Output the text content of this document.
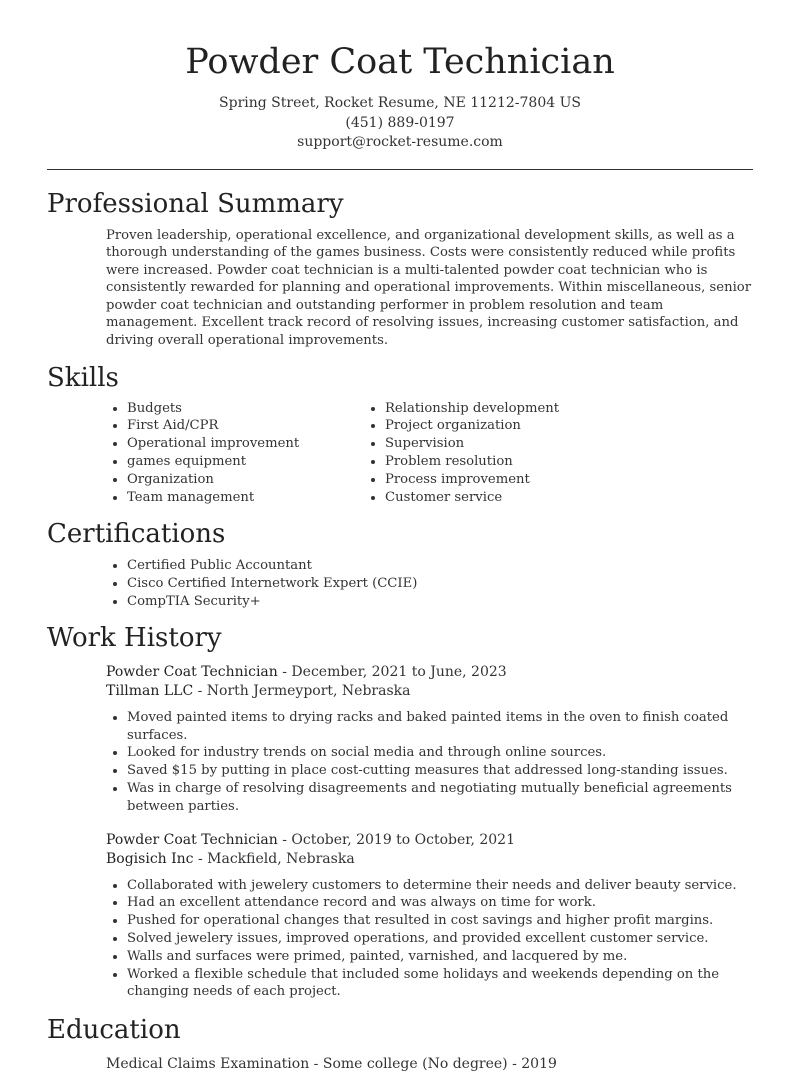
Powder Coat Technician
Spring Street, Rocket Resume, NE 11212-7804 US
(451) 889-0197
support@rocket-resume.com
Professional Summary

Proven leadership, operational excellence, and organizational development skills, as well as a thorough understanding of the games business. Costs were consistently reduced while profits were increased. Powder coat technician is a multi-talented powder coat technician who is consistently rewarded for planning and operational improvements. Within miscellaneous, senior powder coat technician and outstanding performer in problem resolution and team management. Excellent track record of resolving issues, increasing customer satisfaction, and driving overall operational improvements.

Skills
• Budgets
• First Aid/CPR
• Operational improvement
• games equipment
• Organization
• Team management
• Relationship development
• Project organization
• Supervision
• Problem resolution
• Process improvement
• Customer service
Certifications
• Certified Public Accountant
• Cisco Certified Internetwork Expert (CCIE)
• CompTIA Security+
Work History
Powder Coat Technician - December, 2021 to June, 2023
Tillman LLC - North Jermeyport, Nebraska
• Moved painted items to drying racks and baked painted items in the oven to finish coated surfaces.
• Looked for industry trends on social media and through online sources.
• Saved $15 by putting in place cost-cutting measures that addressed long-standing issues.
• Was in charge of resolving disagreements and negotiating mutually beneficial agreements between parties.
Powder Coat Technician - October, 2019 to October, 2021
Bogisich Inc - Mackfield, Nebraska
• Collaborated with jewelery customers to determine their needs and deliver beauty service.
• Had an excellent attendance record and was always on time for work.
• Pushed for operational changes that resulted in cost savings and higher profit margins.
• Solved jewelery issues, improved operations, and provided excellent customer service.
• Walls and surfaces were primed, painted, varnished, and lacquered by me.
• Worked a flexible schedule that included some holidays and weekends depending on the changing needs of each project.
Education
Medical Claims Examination - Some college (No degree) - 2019
